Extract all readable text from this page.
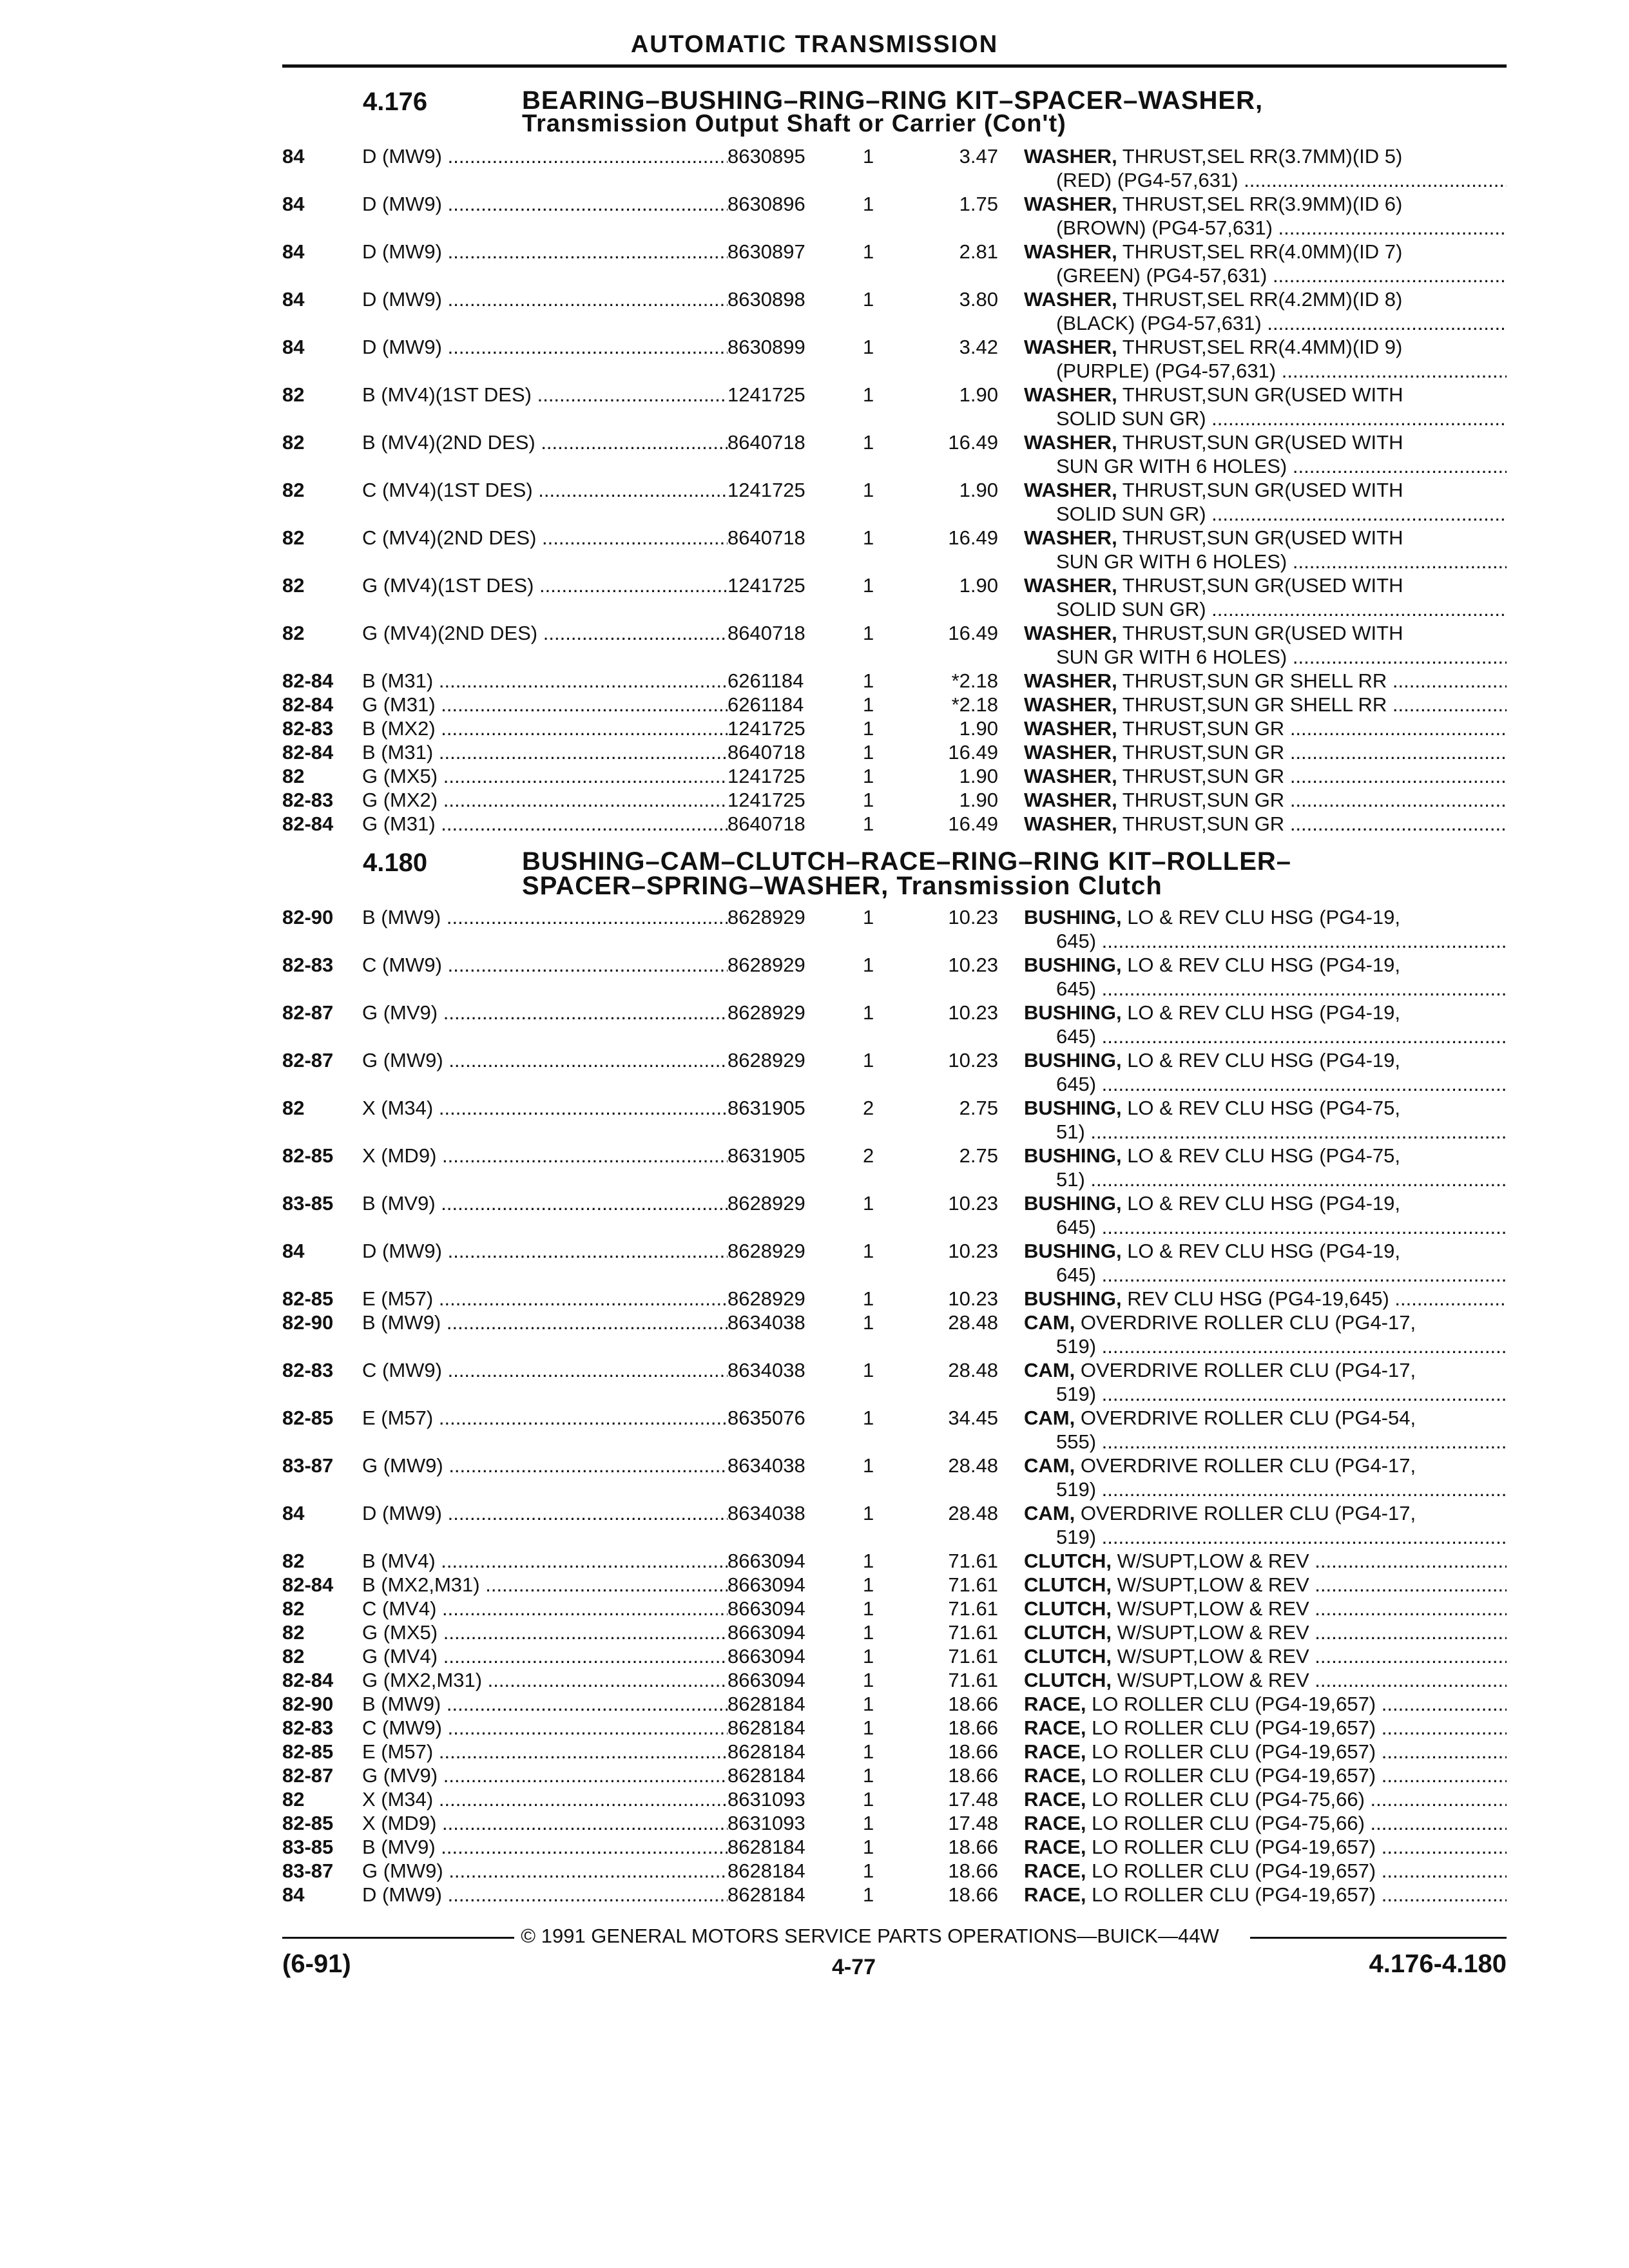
AUTOMATIC TRANSMISSION
4.176	BEARING–BUSHING–RING–RING KIT–SPACER–WASHER,
Transmission Output Shaft or Carrier (Con't)
84	D (MW9) .....	8630895	1	3.47	WASHER, THRUST,SEL RR(3.7MM)(ID 5)
(RED) (PG4-57,631) .....
84	D (MW9) .....	8630896	1	1.75	WASHER, THRUST,SEL RR(3.9MM)(ID 6)
(BROWN) (PG4-57,631) .....
84	D (MW9) .....	8630897	1	2.81	WASHER, THRUST,SEL RR(4.0MM)(ID 7)
(GREEN) (PG4-57,631) .....
84	D (MW9) .....	8630898	1	3.80	WASHER, THRUST,SEL RR(4.2MM)(ID 8)
(BLACK) (PG4-57,631) .....
84	D (MW9) .....	8630899	1	3.42	WASHER, THRUST,SEL RR(4.4MM)(ID 9)
(PURPLE) (PG4-57,631) .....
82	B (MV4)(1ST DES) .....	1241725	1	1.90	WASHER, THRUST,SUN GR(USED WITH
SOLID SUN GR) .....
82	B (MV4)(2ND DES) .....	8640718	1	16.49	WASHER, THRUST,SUN GR(USED WITH
SUN GR WITH 6 HOLES) .....
82	C (MV4)(1ST DES) .....	1241725	1	1.90	WASHER, THRUST,SUN GR(USED WITH
SOLID SUN GR) .....
82	C (MV4)(2ND DES) .....	8640718	1	16.49	WASHER, THRUST,SUN GR(USED WITH
SUN GR WITH 6 HOLES) .....
82	G (MV4)(1ST DES) .....	1241725	1	1.90	WASHER, THRUST,SUN GR(USED WITH
SOLID SUN GR) .....
82	G (MV4)(2ND DES) .....	8640718	1	16.49	WASHER, THRUST,SUN GR(USED WITH
SUN GR WITH 6 HOLES) .....
82-84	B (M31) .....	6261184	1	*2.18	WASHER, THRUST,SUN GR SHELL RR .....
82-84	G (M31) .....	6261184	1	*2.18	WASHER, THRUST,SUN GR SHELL RR .....
82-83	B (MX2) .....	1241725	1	1.90	WASHER, THRUST,SUN GR .....
82-84	B (M31) .....	8640718	1	16.49	WASHER, THRUST,SUN GR .....
82	G (MX5) .....	1241725	1	1.90	WASHER, THRUST,SUN GR .....
82-83	G (MX2) .....	1241725	1	1.90	WASHER, THRUST,SUN GR .....
82-84	G (M31) .....	8640718	1	16.49	WASHER, THRUST,SUN GR .....
4.180	BUSHING–CAM–CLUTCH–RACE–RING–RING KIT–ROLLER–
SPACER–SPRING–WASHER, Transmission Clutch
82-90	B (MW9) .....	8628929	1	10.23	BUSHING, LO & REV CLU HSG (PG4-19,
645) .....
82-83	C (MW9) .....	8628929	1	10.23	BUSHING, LO & REV CLU HSG (PG4-19,
645) .....
82-87	G (MV9) .....	8628929	1	10.23	BUSHING, LO & REV CLU HSG (PG4-19,
645) .....
82-87	G (MW9) .....	8628929	1	10.23	BUSHING, LO & REV CLU HSG (PG4-19,
645) .....
82	X (M34) .....	8631905	2	2.75	BUSHING, LO & REV CLU HSG (PG4-75,
51) .....
82-85	X (MD9) .....	8631905	2	2.75	BUSHING, LO & REV CLU HSG (PG4-75,
51) .....
83-85	B (MV9) .....	8628929	1	10.23	BUSHING, LO & REV CLU HSG (PG4-19,
645) .....
84	D (MW9) .....	8628929	1	10.23	BUSHING, LO & REV CLU HSG (PG4-19,
645) .....
82-85	E (M57) .....	8628929	1	10.23	BUSHING, REV CLU HSG (PG4-19,645) .....
82-90	B (MW9) .....	8634038	1	28.48	CAM, OVERDRIVE ROLLER CLU (PG4-17,
519) .....
82-83	C (MW9) .....	8634038	1	28.48	CAM, OVERDRIVE ROLLER CLU (PG4-17,
519) .....
82-85	E (M57) .....	8635076	1	34.45	CAM, OVERDRIVE ROLLER CLU (PG4-54,
555) .....
83-87	G (MW9) .....	8634038	1	28.48	CAM, OVERDRIVE ROLLER CLU (PG4-17,
519) .....
84	D (MW9) .....	8634038	1	28.48	CAM, OVERDRIVE ROLLER CLU (PG4-17,
519) .....
82	B (MV4) .....	8663094	1	71.61	CLUTCH, W/SUPT,LOW & REV .....
82-84	B (MX2,M31) .....	8663094	1	71.61	CLUTCH, W/SUPT,LOW & REV .....
82	C (MV4) .....	8663094	1	71.61	CLUTCH, W/SUPT,LOW & REV .....
82	G (MX5) .....	8663094	1	71.61	CLUTCH, W/SUPT,LOW & REV .....
82	G (MV4) .....	8663094	1	71.61	CLUTCH, W/SUPT,LOW & REV .....
82-84	G (MX2,M31) .....	8663094	1	71.61	CLUTCH, W/SUPT,LOW & REV .....
82-90	B (MW9) .....	8628184	1	18.66	RACE, LO ROLLER CLU (PG4-19,657) .....
82-83	C (MW9) .....	8628184	1	18.66	RACE, LO ROLLER CLU (PG4-19,657) .....
82-85	E (M57) .....	8628184	1	18.66	RACE, LO ROLLER CLU (PG4-19,657) .....
82-87	G (MV9) .....	8628184	1	18.66	RACE, LO ROLLER CLU (PG4-19,657) .....
82	X (M34) .....	8631093	1	17.48	RACE, LO ROLLER CLU (PG4-75,66) .....
82-85	X (MD9) .....	8631093	1	17.48	RACE, LO ROLLER CLU (PG4-75,66) .....
83-85	B (MV9) .....	8628184	1	18.66	RACE, LO ROLLER CLU (PG4-19,657) .....
83-87	G (MW9) .....	8628184	1	18.66	RACE, LO ROLLER CLU (PG4-19,657) .....
84	D (MW9) .....	8628184	1	18.66	RACE, LO ROLLER CLU (PG4-19,657) .....
© 1991 GENERAL MOTORS SERVICE PARTS OPERATIONS—BUICK—44W
(6-91)	4-77	4.176-4.180
